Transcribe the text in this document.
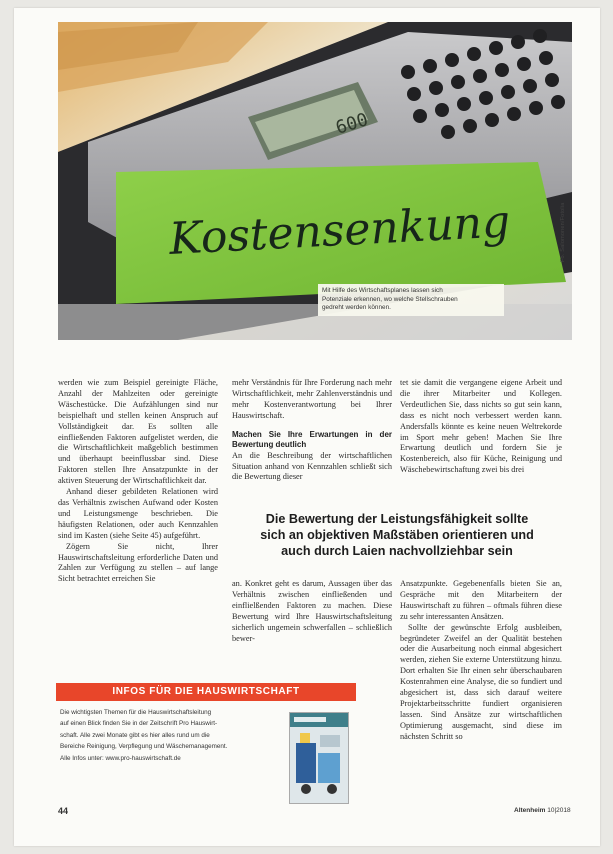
600
Kostensenkung
Mit Hilfe des Wirtschaftsplanes lassen sich
Potenziale erkennen, wo welche Stellschrauben
gedreht werden können.
Fo. Salomonen/Fotolia

werden wie zum Beispiel gereinigte Fläche, Anzahl der Mahlzeiten oder gereinigte Wäschestücke. Die Aufzählungen sind nur beispielhaft und stellen keinen Anspruch auf Vollständigkeit dar. Es sollten alle einfließenden Faktoren aufgelistet werden, die die Wirtschaftlichkeit maßgeblich bestimmen und überhaupt beeinflussbar sind. Diese Faktoren stellen Ihre Ansatzpunkte in der aktiven Steuerung der Wirtschaftlichkeit dar.

Anhand dieser gebildeten Relationen wird das Verhältnis zwischen Aufwand oder Kosten und Leistungsmenge beschrieben. Die häufigsten Relationen, oder auch Kennzahlen sind im Kasten (siehe Seite 45) aufgeführt.

Zögern Sie nicht, Ihrer Hauswirtschaftsleitung erforderliche Daten und Zahlen zur Verfügung zu stellen – auf lange Sicht betrachtet erreichen Sie

mehr Verständnis für Ihre Forderung nach mehr Wirtschaftlichkeit, mehr Zahlenverständnis und mehr Kostenverantwortung bei Ihrer Hauswirtschaft.

Machen Sie Ihre Erwartungen in der Bewertung deutlich

An die Beschreibung der wirtschaftlichen Situation anhand von Kennzahlen schließt sich die Bewertung dieser

tet sie damit die vergangene eigene Arbeit und die ihrer Mitarbeiter und Kollegen. Verdeutlichen Sie, dass nichts so gut sein kann, dass es nicht noch verbessert werden kann. Andersfalls könnte es keine neuen Weltrekorde im Sport mehr geben! Machen Sie Ihre Erwartung deutlich und fordern Sie je Kostenbereich, also für Küche, Reinigung und Wäschebewirtschaftung zwei bis drei

Die Bewertung der Leistungsfähigkeit sollte
sich an objektiven Maßstäben orientieren und
auch durch Laien nachvollziehbar sein

an. Konkret geht es darum, Aussagen über das Verhältnis zwischen einfließenden und einflielßenden Faktoren zu machen. Diese Bewertung wird Ihre Hauswirtschaftsleitung sicherlich ungemein schwerfallen – schließlich bewer-

Ansatzpunkte. Gegebenenfalls bieten Sie an, Gespräche mit den Mitarbeitern der Hauswirtschaft zu führen – oftmals führen diese zu sehr interessanten Ansätzen.

Sollte der gewünschte Erfolg ausbleiben, begründeter Zweifel an der Qualität bestehen oder die Ausarbeitung noch einmal abgesichert werden, ziehen Sie externe Unterstützung hinzu. Dort erhalten Sie Ihr einen sehr überschaubaren Kostenrahmen eine Analyse, die so fundiert und abgesichert ist, dass sich darauf weitere Projektarbeitsschritte fundiert organisieren lassen. Sind Ansätze zur wirtschaftlichen Optimierung ausgemacht, sind diese im nächsten Schritt so

INFOS FÜR DIE HAUSWIRTSCHAFT
Die wichtigsten Themen für die Hauswirtschaftsleitung
auf einen Blick finden Sie in der Zeitschrift Pro Hauswirt-
schaft. Alle zwei Monate gibt es hier alles rund um die
Bereiche Reinigung, Verpflegung und Wäschemanagement.
Alle Infos unter: www.pro-hauswirtschaft.de
44	Altenheim 10|2018
